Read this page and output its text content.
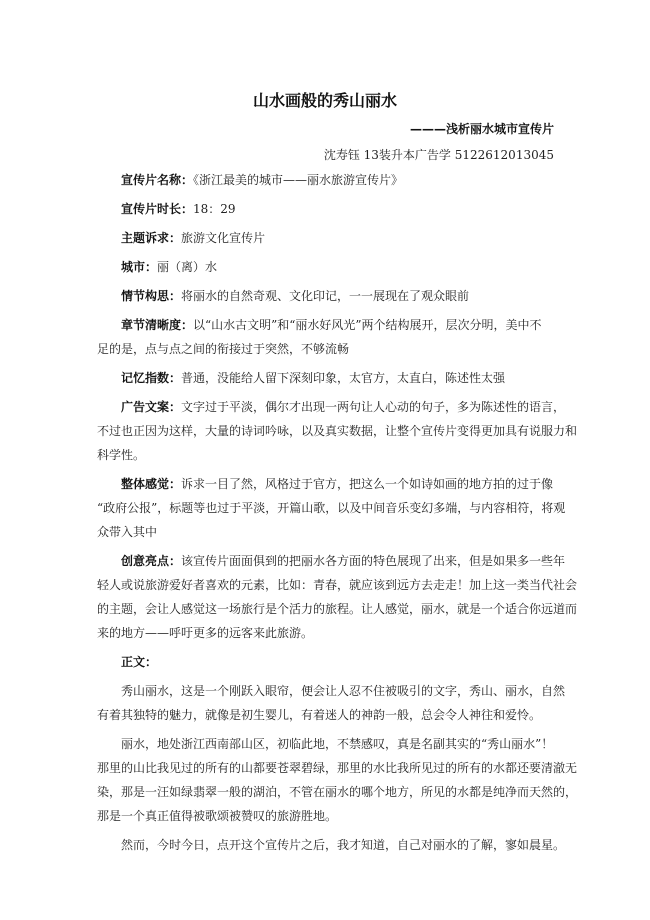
山水画般的秀山丽水
———浅析丽水城市宣传片
沈寿钰 13装升本广告学 5122612013045
宣传片名称：《浙江最美的城市——丽水旅游宣传片》
宣传片时长：18：29
主题诉求：旅游文化宣传片
城市：丽（离）水
情节构思：将丽水的自然奇观、文化印记，一一展现在了观众眼前
章节清晰度：以“山水古文明”和“丽水好风光”两个结构展开，层次分明，美中不
足的是，点与点之间的衔接过于突然，不够流畅
记忆指数：普通，没能给人留下深刻印象，太官方，太直白，陈述性太强
广告文案：文字过于平淡，偶尔才出现一两句让人心动的句子，多为陈述性的语言，
不过也正因为这样，大量的诗词吟咏，以及真实数据，让整个宣传片变得更加具有说服力和
科学性。
整体感觉：诉求一目了然，风格过于官方，把这么一个如诗如画的地方拍的过于像
“政府公报”，标题等也过于平淡，开篇山歌，以及中间音乐变幻多端，与内容相符，将观
众带入其中
创意亮点：该宣传片面面俱到的把丽水各方面的特色展现了出来，但是如果多一些年
轻人或说旅游爱好者喜欢的元素，比如：青春，就应该到远方去走走！加上这一类当代社会
的主题，会让人感觉这一场旅行是个活力的旅程。让人感觉，丽水，就是一个适合你远道而
来的地方——呼吁更多的远客来此旅游。
正文：
秀山丽水，这是一个刚跃入眼帘，便会让人忍不住被吸引的文字，秀山、丽水，自然
有着其独特的魅力，就像是初生婴儿，有着迷人的神韵一般，总会令人神往和爱怜。
丽水，地处浙江西南部山区，初临此地，不禁感叹，真是名副其实的“秀山丽水”！
那里的山比我见过的所有的山都要苍翠碧绿，那里的水比我所见过的所有的水都还要清澈无
染，那是一汪如绿翡翠一般的湖泊，不管在丽水的哪个地方，所见的水都是纯净而天然的，
那是一个真正值得被歌颂被赞叹的旅游胜地。
然而，今时今日，点开这个宣传片之后，我才知道，自己对丽水的了解，寥如晨星。
